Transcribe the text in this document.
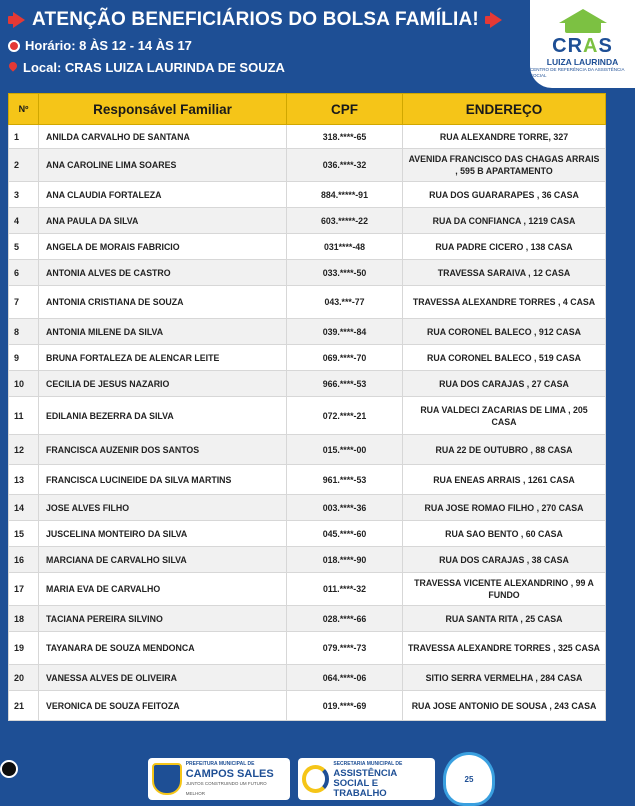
ATENÇÃO BENEFICIÁRIOS DO BOLSA FAMÍLIA!
Horário: 8 ÀS 12 - 14 ÀS 17
Local: CRAS LUIZA LAURINDA DE SOUZA
CRAS
LUIZA LAURINDA
CENTRO DE REFERÊNCIA DA ASSISTÊNCIA SOCIAL
Nº	Responsável Familiar	CPF	ENDEREÇO
1	ANILDA CARVALHO DE SANTANA	318.****-65	RUA ALEXANDRE TORRE, 327
2	ANA CAROLINE LIMA SOARES	036.****-32	AVENIDA FRANCISCO DAS CHAGAS ARRAIS , 595 B APARTAMENTO
3	ANA CLAUDIA FORTALEZA	884.*****-91	RUA DOS GUARARAPES , 36 CASA
4	ANA PAULA DA SILVA	603.*****-22	RUA DA CONFIANCA , 1219 CASA
5	ANGELA DE MORAIS FABRICIO	031****-48	RUA PADRE CICERO , 138 CASA
6	ANTONIA ALVES DE CASTRO	033.****-50	TRAVESSA SARAIVA , 12 CASA
7	ANTONIA CRISTIANA DE SOUZA	043.***-77	TRAVESSA ALEXANDRE TORRES , 4 CASA
8	ANTONIA MILENE DA SILVA	039.****-84	RUA CORONEL BALECO , 912 CASA
9	BRUNA FORTALEZA DE ALENCAR LEITE	069.****-70	RUA CORONEL BALECO , 519 CASA
10	CECILIA DE JESUS NAZARIO	966.****-53	RUA DOS CARAJAS , 27 CASA
11	EDILANIA BEZERRA DA SILVA	072.****-21	RUA VALDECI ZACARIAS DE LIMA , 205 CASA
12	FRANCISCA AUZENIR DOS SANTOS	015.****-00	RUA 22 DE OUTUBRO , 88 CASA
13	FRANCISCA LUCINEIDE DA SILVA MARTINS	961.****-53	RUA ENEAS ARRAIS , 1261 CASA
14	JOSE ALVES FILHO	003.****-36	RUA JOSE ROMAO FILHO , 270 CASA
15	JUSCELINA MONTEIRO DA SILVA	045.****-60	RUA SAO BENTO , 60 CASA
16	MARCIANA DE CARVALHO SILVA	018.****-90	RUA DOS CARAJAS , 38 CASA
17	MARIA EVA DE CARVALHO	011.****-32	TRAVESSA VICENTE ALEXANDRINO , 99 A FUNDO
18	TACIANA PEREIRA SILVINO	028.****-66	RUA SANTA RITA , 25 CASA
19	TAYANARA DE SOUZA MENDONCA	079.****-73	TRAVESSA ALEXANDRE TORRES , 325 CASA
20	VANESSA ALVES DE OLIVEIRA	064.****-06	SITIO SERRA VERMELHA , 284 CASA
21	VERONICA DE SOUZA FEITOZA	019.****-69	RUA JOSE ANTONIO DE SOUSA , 243 CASA
PREFEITURA MUNICIPAL DE
CAMPOS SALES
JUNTOS CONSTRUINDO UM FUTURO MELHOR
SECRETARIA MUNICIPAL DE
ASSISTÊNCIA
SOCIAL E TRABALHO
25
